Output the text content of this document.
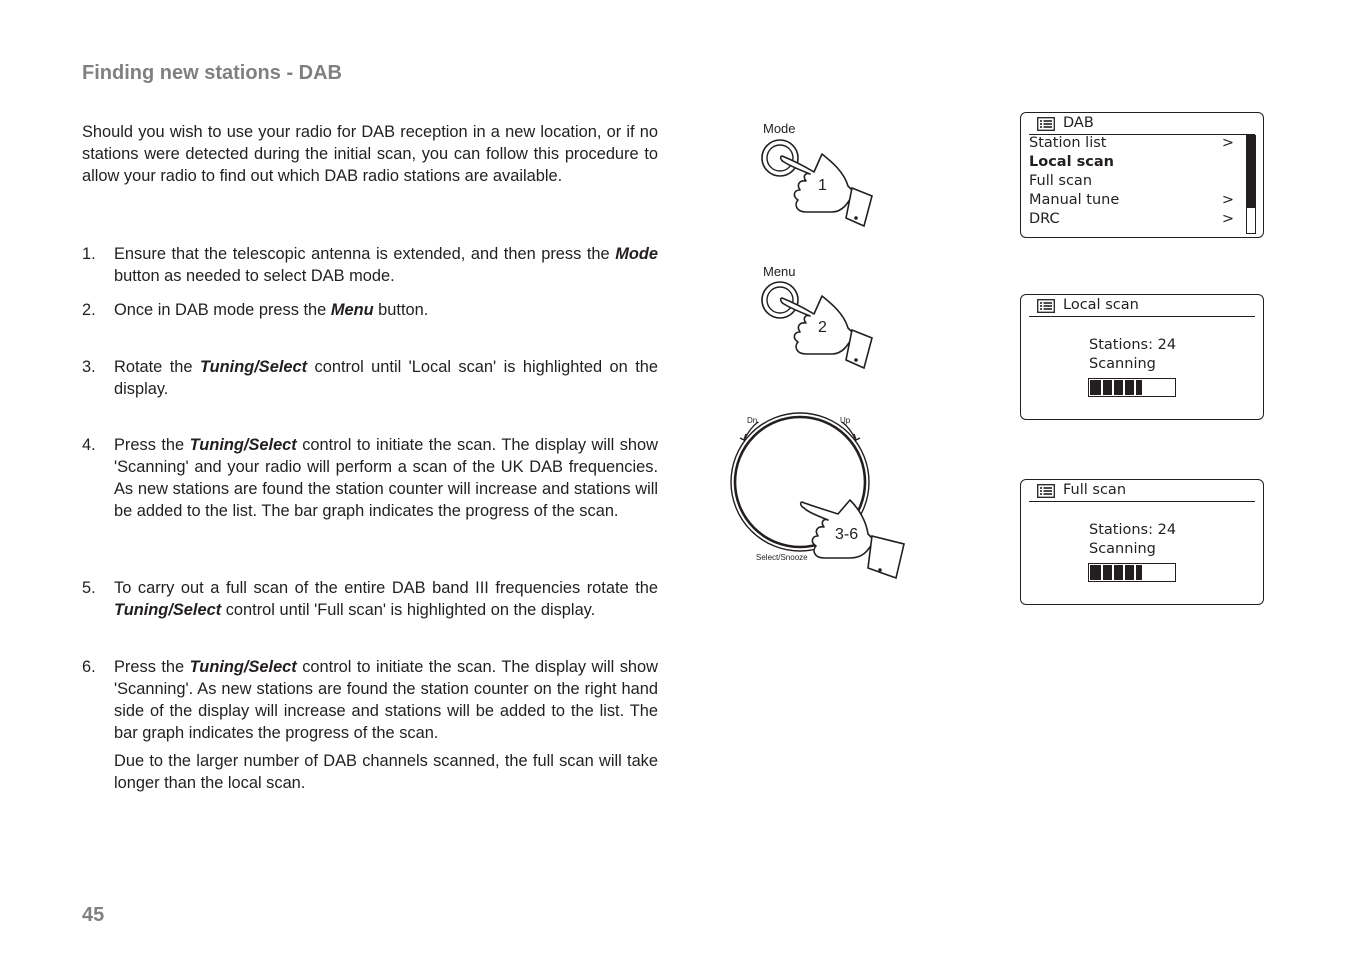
Finding new stations - DAB

Should you wish to use your radio for DAB reception in a new location, or if no stations were detected during the initial scan, you can follow this procedure to allow your radio to find out which DAB radio stations are available.

1. Ensure that the telescopic antenna is extended, and then press the Mode button as needed to select DAB mode.

2. Once in DAB mode press the Menu button.

3. Rotate the Tuning/Select control until 'Local scan' is highlighted on the display.

4. Press the Tuning/Select control to initiate the scan. The display will show 'Scanning' and your radio will perform a scan of the UK DAB frequencies. As new stations are found the station counter will increase and stations will be added to the list. The bar graph indicates the progress of the scan.

5. To carry out a full scan of the entire DAB band III frequencies rotate the Tuning/Select control until 'Full scan' is highlighted on the display.

6. Press the Tuning/Select control to initiate the scan. The display will show 'Scanning'. As new stations are found the station counter on the right hand side of the display will increase and stations will be added to the list. The bar graph indicates the progress of the scan.

Due to the larger number of DAB channels scanned, the full scan will take longer than the local scan.

45
Mode
1
Menu
2
Dn.	Up
3-6
Select/Snooze
DAB
Station list	>
Local scan
Full scan
Manual tune	>
DRC	>
Local scan
Stations: 24
Scanning
Full scan
Stations: 24
Scanning
